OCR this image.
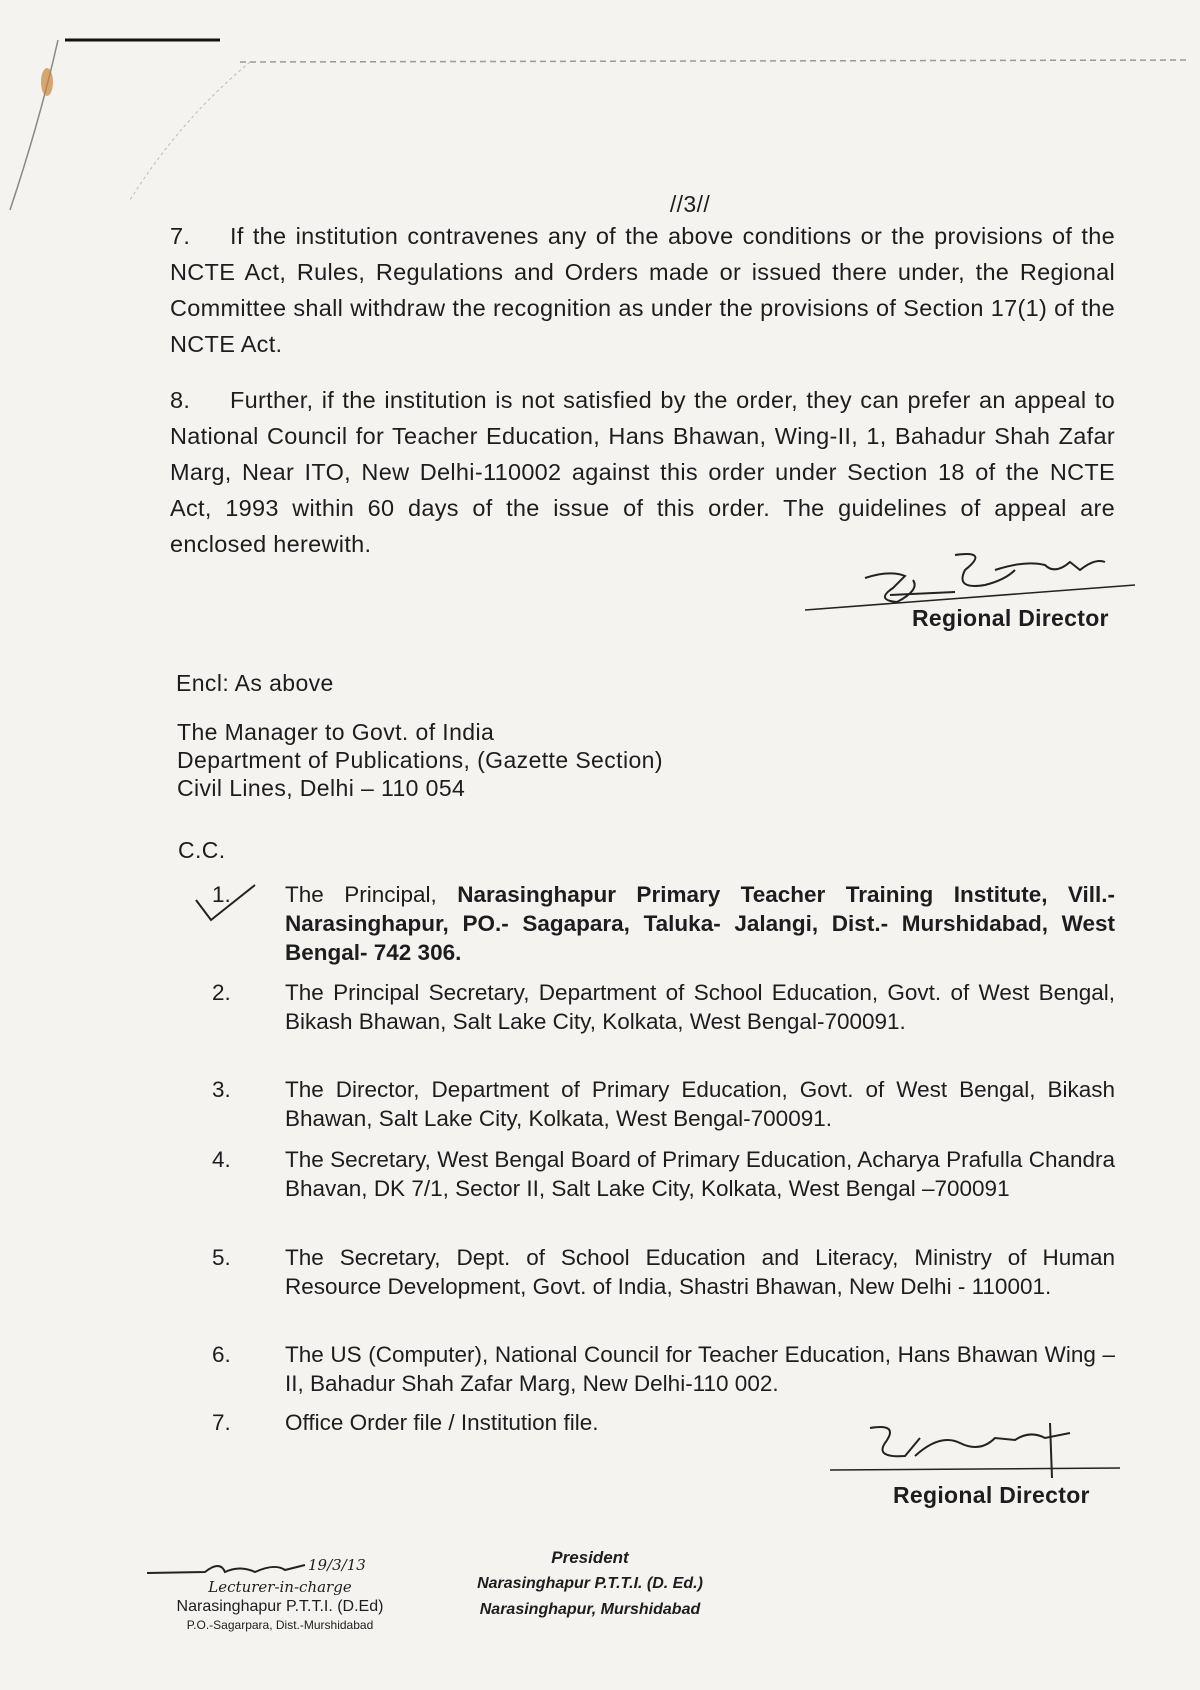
//3//
7. If the institution contravenes any of the above conditions or the provisions of the NCTE Act, Rules, Regulations and Orders made or issued there under, the Regional Committee shall withdraw the recognition as under the provisions of Section 17(1) of the NCTE Act.
8. Further, if the institution is not satisfied by the order, they can prefer an appeal to National Council for Teacher Education, Hans Bhawan, Wing-II, 1, Bahadur Shah Zafar Marg, Near ITO, New Delhi-110002 against this order under Section 18 of the NCTE Act, 1993 within 60 days of the issue of this order. The guidelines of appeal are enclosed herewith.
Regional Director
Encl: As above
The Manager to Govt. of India
Department of Publications, (Gazette Section)
Civil Lines, Delhi – 110 054
C.C.
1.	The Principal, Narasinghapur Primary Teacher Training Institute, Vill.- Narasinghapur, PO.- Sagapara, Taluka- Jalangi, Dist.- Murshidabad, West Bengal- 742 306.
2.	The Principal Secretary, Department of School Education, Govt. of West Bengal, Bikash Bhawan, Salt Lake City, Kolkata, West Bengal-700091.
3.	The Director, Department of Primary Education, Govt. of West Bengal, Bikash Bhawan, Salt Lake City, Kolkata, West Bengal-700091.
4.	The Secretary, West Bengal Board of Primary Education, Acharya Prafulla Chandra Bhavan, DK 7/1, Sector II, Salt Lake City, Kolkata, West Bengal –700091
5.	The Secretary, Dept. of School Education and Literacy, Ministry of Human Resource Development, Govt. of India, Shastri Bhawan, New Delhi - 110001.
6.	The US (Computer), National Council for Teacher Education, Hans Bhawan Wing –II, Bahadur Shah Zafar Marg, New Delhi-110 002.
7.	Office Order file / Institution file.
Regional Director
19/3/13
Lecturer-in-charge
Narasinghapur P.T.T.I. (D.Ed)
P.O.-Sagarpara, Dist.-Murshidabad
President
Narasinghapur P.T.T.I. (D. Ed.)
Narasinghapur, Murshidabad
